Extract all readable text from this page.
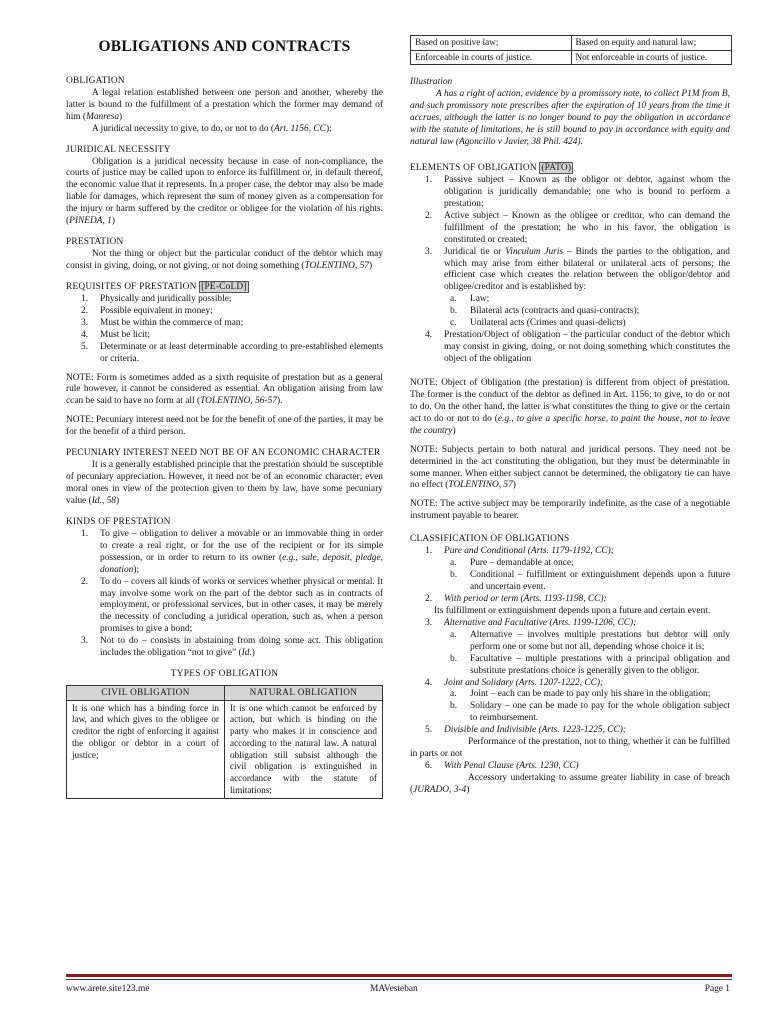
OBLIGATIONS AND CONTRACTS
OBLIGATION

A legal relation established between one person and another, whereby the latter is bound to the fulfillment of a prestation which the former may demand of him (Manresa)

A juridical necessity to give, to do, or not to do (Art. 1156, CC);

JURIDICAL NECESSITY

Obligation is a juridical necessity because in case of non-compliance, the courts of justice may be called upon to enforce its fulfillment or, in default thereof, the economic value that it represents. In a proper case, the debtor may also be made liable for damages, which represent the sum of money given as a compensation for the injury or harm suffered by the creditor or obligee for the violation of his rights. (PINEDA, 1)

PRESTATION

Not the thing or object but the particular conduct of the debtor which may consist in giving, doing, or not giving, or not doing something (TOLENTINO, 57)

REQUISITES OF PRESTATION [PE-CoLD]
1. Physically and juridically possible;
2. Possible equivalent in money;
3. Must be within the commerce of man;
4. Must be licit;
5. Determinate or at least determinable according to pre-established elements or criteria.

NOTE: Form is sometimes added as a sixth requisite of prestation but as a general rule however, it cannot be considered as essential. An obligation arising from law ccan be said to have no form at all (TOLENTINO, 56-57).

NOTE: Pecuniary interest need not be for the benefit of one of the parties, it may be for the benefit of a third person.

PECUNIARY INTEREST NEED NOT BE OF AN ECONOMIC CHARACTER

It is a generally established principle that the prestation should be susceptible of pecuniary appreciation. However, it need not be of an economic character; even moral ones in view of the protection given to them by law, have some pecuniary value (Id., 58)

KINDS OF PRESTATION
1. To give – obligation to deliver a movable or an immovable thing in order to create a real right, or for the use of the recipient or for its simple possession, or in order to return to its owner (e.g., sale, deposit, pledge, donation);
2. To do – covers all kinds of works or services whether physical or mental. It may involve some work on the part of the debtor such as in contracts of employment, or professional services, but in other cases, it may be merely the necessity of concluding a juridical operation, such as, when a person promises to give a bond;
3. Not to do – consists in abstaining from doing some act. This obligation includes the obligation “not to give” (Id.)
TYPES OF OBLIGATION
CIVIL OBLIGATION	NATURAL OBLIGATION
It is one which has a binding force in law, and which gives to the obligee or creditor the right of enforcing it against the obligor or debtor in a court of justice;	It is one which cannot be enforced by action, but which is binding on the party who makes it in conscience and according to the natural law. A natural obligation still subsist although the civil obligation is extinguished in accordance with the statute of limitations;
Based on positive law;	Based on equity and natural law;
Enforceable in courts of justice.	Not enforceable in courts of justice.
Illustration

A has a right of action, evidence by a promissory note, to collect P1M from B, and such promissory note prescribes after the expiration of 10 years from the time it accrues, although the latter is no longer bound to pay the obligation in accordance with the statute of limitations, he is still bound to pay in accordance with equity and natural law (Agoncillo v Javier, 38 Phil. 424).

ELEMENTS OF OBLIGATION (PATO)
1. Passive subject – Known as the obligor or debtor, against whom the obligation is juridically demandable; one who is bound to perform a prestation;
2. Active subject – Known as the obligee or creditor, who can demand the fulfillment of the prestation; he who in his favor, the obligation is constituted or created;
3. Juridical tie or Vinculum Juris – Binds the parties to the obligation, and which may arise from either bilateral or unilateral acts of persons; the efficient case which creates the relation between the obligor/debtor and obligee/creditor and is established by:
a. Law;
b. Bilateral acts (contracts and quasi-contracts);
c. Unilateral acts (Crimes and quasi-delicts)
4. Prestation/Object of obligation – the particular conduct of the debtor which may consist in giving, doing, or not doing something which constitutes the object of the obligation

NOTE: Object of Obligation (the prestation) is different from object of prestation. The former is the conduct of the debtor as defined in Art. 1156; to give, to do or not to do. On the other hand, the latter is what constitutes the thing to give or the certain act to do or not to do (e.g., to give a specific horse, to paint the house, not to leave the country)

NOTE: Subjects pertain to both natural and juridical persons. They need not be determined in the act constituting the obligation, but they must be determinable in some manner. When either subject cannot be determined, the obligatory tie can have no effect (TOLENTINO, 57)

NOTE: The active subject may be temporarily indefinite, as the case of a negotiable instrument payable to bearer.

CLASSIFICATION OF OBLIGATIONS
1. Pure and Conditional (Arts. 1179-1192, CC);
a. Pure – demandable at once;
b. Conditional – fulfillment or extinguishment depends upon a future and uncertain event.
2. With period or term (Arts. 1193-1198, CC);

Its fulfillment or extinguishment depends upon a future and certain event.

3. Alternative and Facultative (Arts. 1199-1206, CC);
a. Alternative – involves multiple prestations but debtor will only perform one or some but not all, depending whose choice it is;
b. Facultative – multiple prestations with a principal obligation and substitute prestations choice is generally given to the obligor.
4. Joint and Solidary (Arts. 1207-1222, CC);
a. Joint – each can be made to pay only his share in the obligation;
b. Solidary – one can be made to pay for the whole obligation subject to reimbursement.
5. Divisible and Indivisible (Arts. 1223-1225, CC);

Performance of the prestation, not to thing, whether it can be fulfilled in parts or not

6. With Penal Clause (Arts. 1230, CC)

Accessory undertaking to assume greater liability in case of breach (JURADO, 3-4)

www.arete.site123.me	MAVesteban	Page 1
